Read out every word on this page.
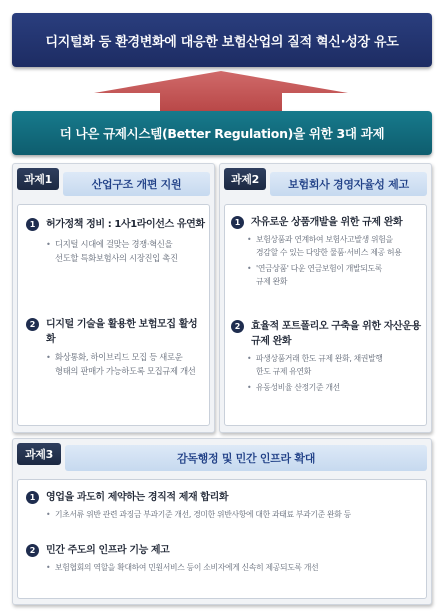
디지털화 등 환경변화에 대응한 보험산업의 질적 혁신·성장 유도
더 나은 규제시스템(Better Regulation)을 위한 3대 과제
과제1	산업구조 개편 지원
1	허가정책 정비 : 1사1라이선스 유연화
• 디지털 시대에 걸맞는 경쟁·혁신을
선도할 특화보험사의 시장진입 촉진
2	디지털 기술을 활용한 보험모집 활성화
• 화상통화, 하이브리드 모집 등 새로운
형태의 판매가 가능하도록 모집규제 개선
과제2	보험회사 경영자율성 제고
1	자유로운 상품개발을 위한 규제 완화
• 보험상품과 연계하여 보험사고발생 위험을
경감할 수 있는 다양한 물품·서비스 제공 허용
• '연금상품' 다운 연금보험이 개발되도록
규제 완화
2	효율적 포트폴리오 구축을 위한 자산운용
규제 완화
• 파생상품거래 한도 규제 완화, 채권발행
한도 규제 유연화
• 유동성비율 산정기준 개선
과제3	감독행정 및 민간 인프라 확대
1	영업을 과도히 제약하는 경직적 제재 합리화
• 기초서류 위반 관련 과징금 부과기준 개선, 경미한 위반사항에 대한 과태료 부과기준 완화 등
2	민간 주도의 인프라 기능 제고
• 보험협회의 역할을 확대하여 민원서비스 등이 소비자에게 신속히 제공되도록 개선
